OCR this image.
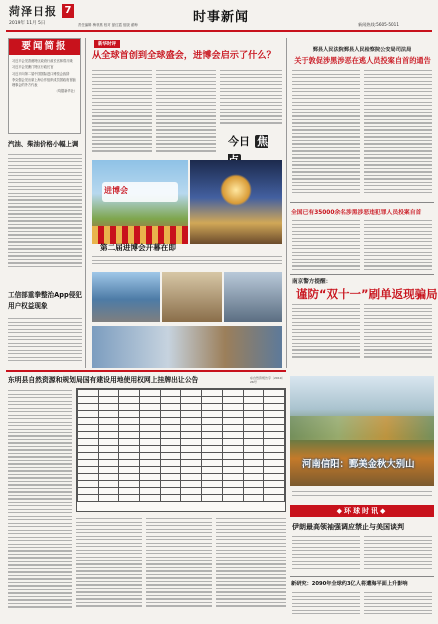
菏泽日报
2019年 11月 5日
7
责任编辑 梅菲燕 校对 晏红霞 组版 翟梅	时事新闻	新闻热线:5605-5011
要闻简报
习近平会见香港特区政府行政长官林郑月娥
习近平会见澳门特区行政长官
习近平向第二届中国国际进口博览会致辞
李克强会见出席上海合作组织成员国政府首脑理事会的外方代表
（均据新华社）
汽油、柴油价格小幅上调
工信部重拳整治App侵犯用户权益现象
新华时评
从全球首创到全球盛会，进博会启示了什么？
今日 焦
进博会
第二届进博会开幕在即
鄄县人民法院鄄县人民检察院公安局司法局
关于敦促涉黑涉恶在逃人员投案自首的通告
全国已有35000余名涉黑涉恶违犯罪人员投案自首
南京警方提醒：
谨防“双十一”刷单返现骗局
河南信阳：鄄美金秋大别山
◆环球时讯◆
伊朗最高领袖强调应禁止与美国谈判
新研究：2090年全球约3亿人将遭海平面上升影响
东明县自然资源和规划局国有建设用地使用权网上挂牌出让公告	东自然资规告字〔2019〕26号
